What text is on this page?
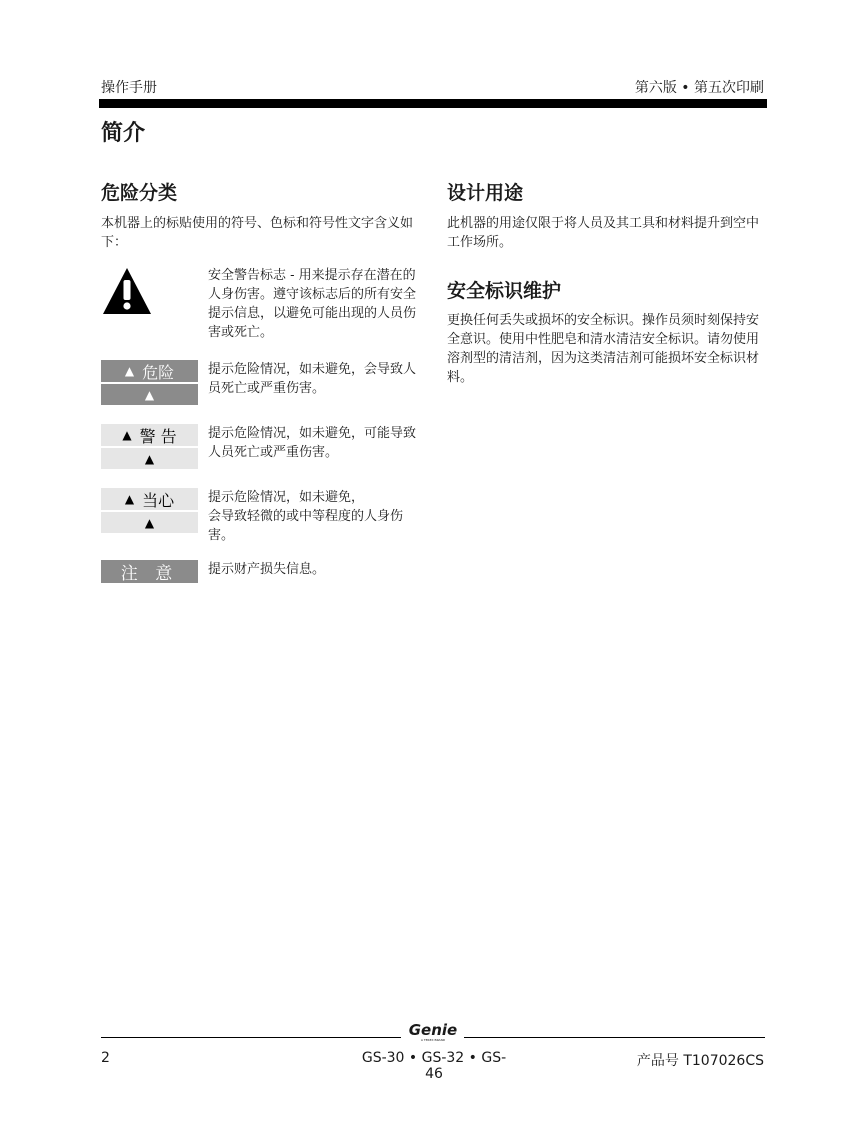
操作手册	第六版 • 第五次印刷
简介
危险分类

本机器上的标贴使用的符号、色标和符号性文字含义如下：

安全警告标志 - 用来提示存在潜在的人身伤害。遵守该标志后的所有安全提示信息，以避免可能出现的人员伤害或死亡。

▲ 危险
▲

提示危险情况，如未避免，会导致人员死亡或严重伤害。

▲ 警 告
▲

提示危险情况，如未避免，可能导致人员死亡或严重伤害。

▲ 当心
▲
提示危险情况，如未避免，
会导致轻微的或中等程度的人身伤害。
注 意 提示财产损失信息。

设计用途

此机器的用途仅限于将人员及其工具和材料提升到空中工作场所。

安全标识维护

更换任何丢失或损坏的安全标识。操作员须时刻保持安全意识。使用中性肥皂和清水清洁安全标识。请勿使用溶剂型的清洁剂，因为这类清洁剂可能损坏安全标识材料。

Genie
A TEREX BRAND
2	GS-30 • GS-32 • GS-46
产品号 T107026CS
